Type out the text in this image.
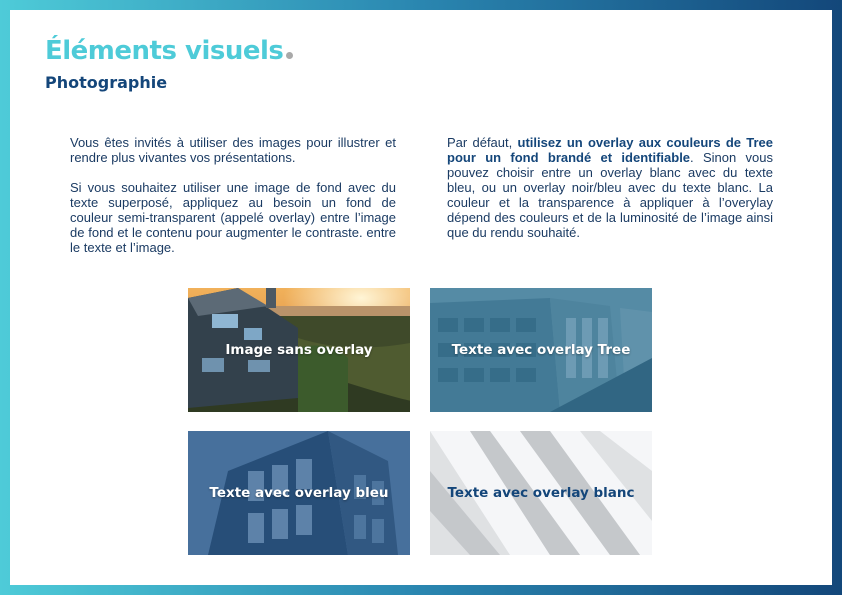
Éléments visuels
Photographie

Vous êtes invités à utiliser des images pour illustrer et rendre plus vivantes vos présentations.

Si vous souhaitez utiliser une image de fond avec du texte superposé, appliquez au besoin un fond de couleur semi-transparent (appelé overlay) entre l’image de fond et le contenu pour augmenter le contraste. entre le texte et l’image.

Par défaut, utilisez un overlay aux couleurs de Tree pour un fond brandé et identifiable. Sinon vous pouvez choisir entre un overlay blanc avec du texte bleu, ou un overlay noir/bleu avec du texte blanc. La couleur et la transparence à appliquer à l’overylay dépend des couleurs et de la luminosité de l’image ainsi que du rendu souhaité.

Image sans overlay	Texte avec overlay Tree
Texte avec overlay bleu	Texte avec overlay blanc
